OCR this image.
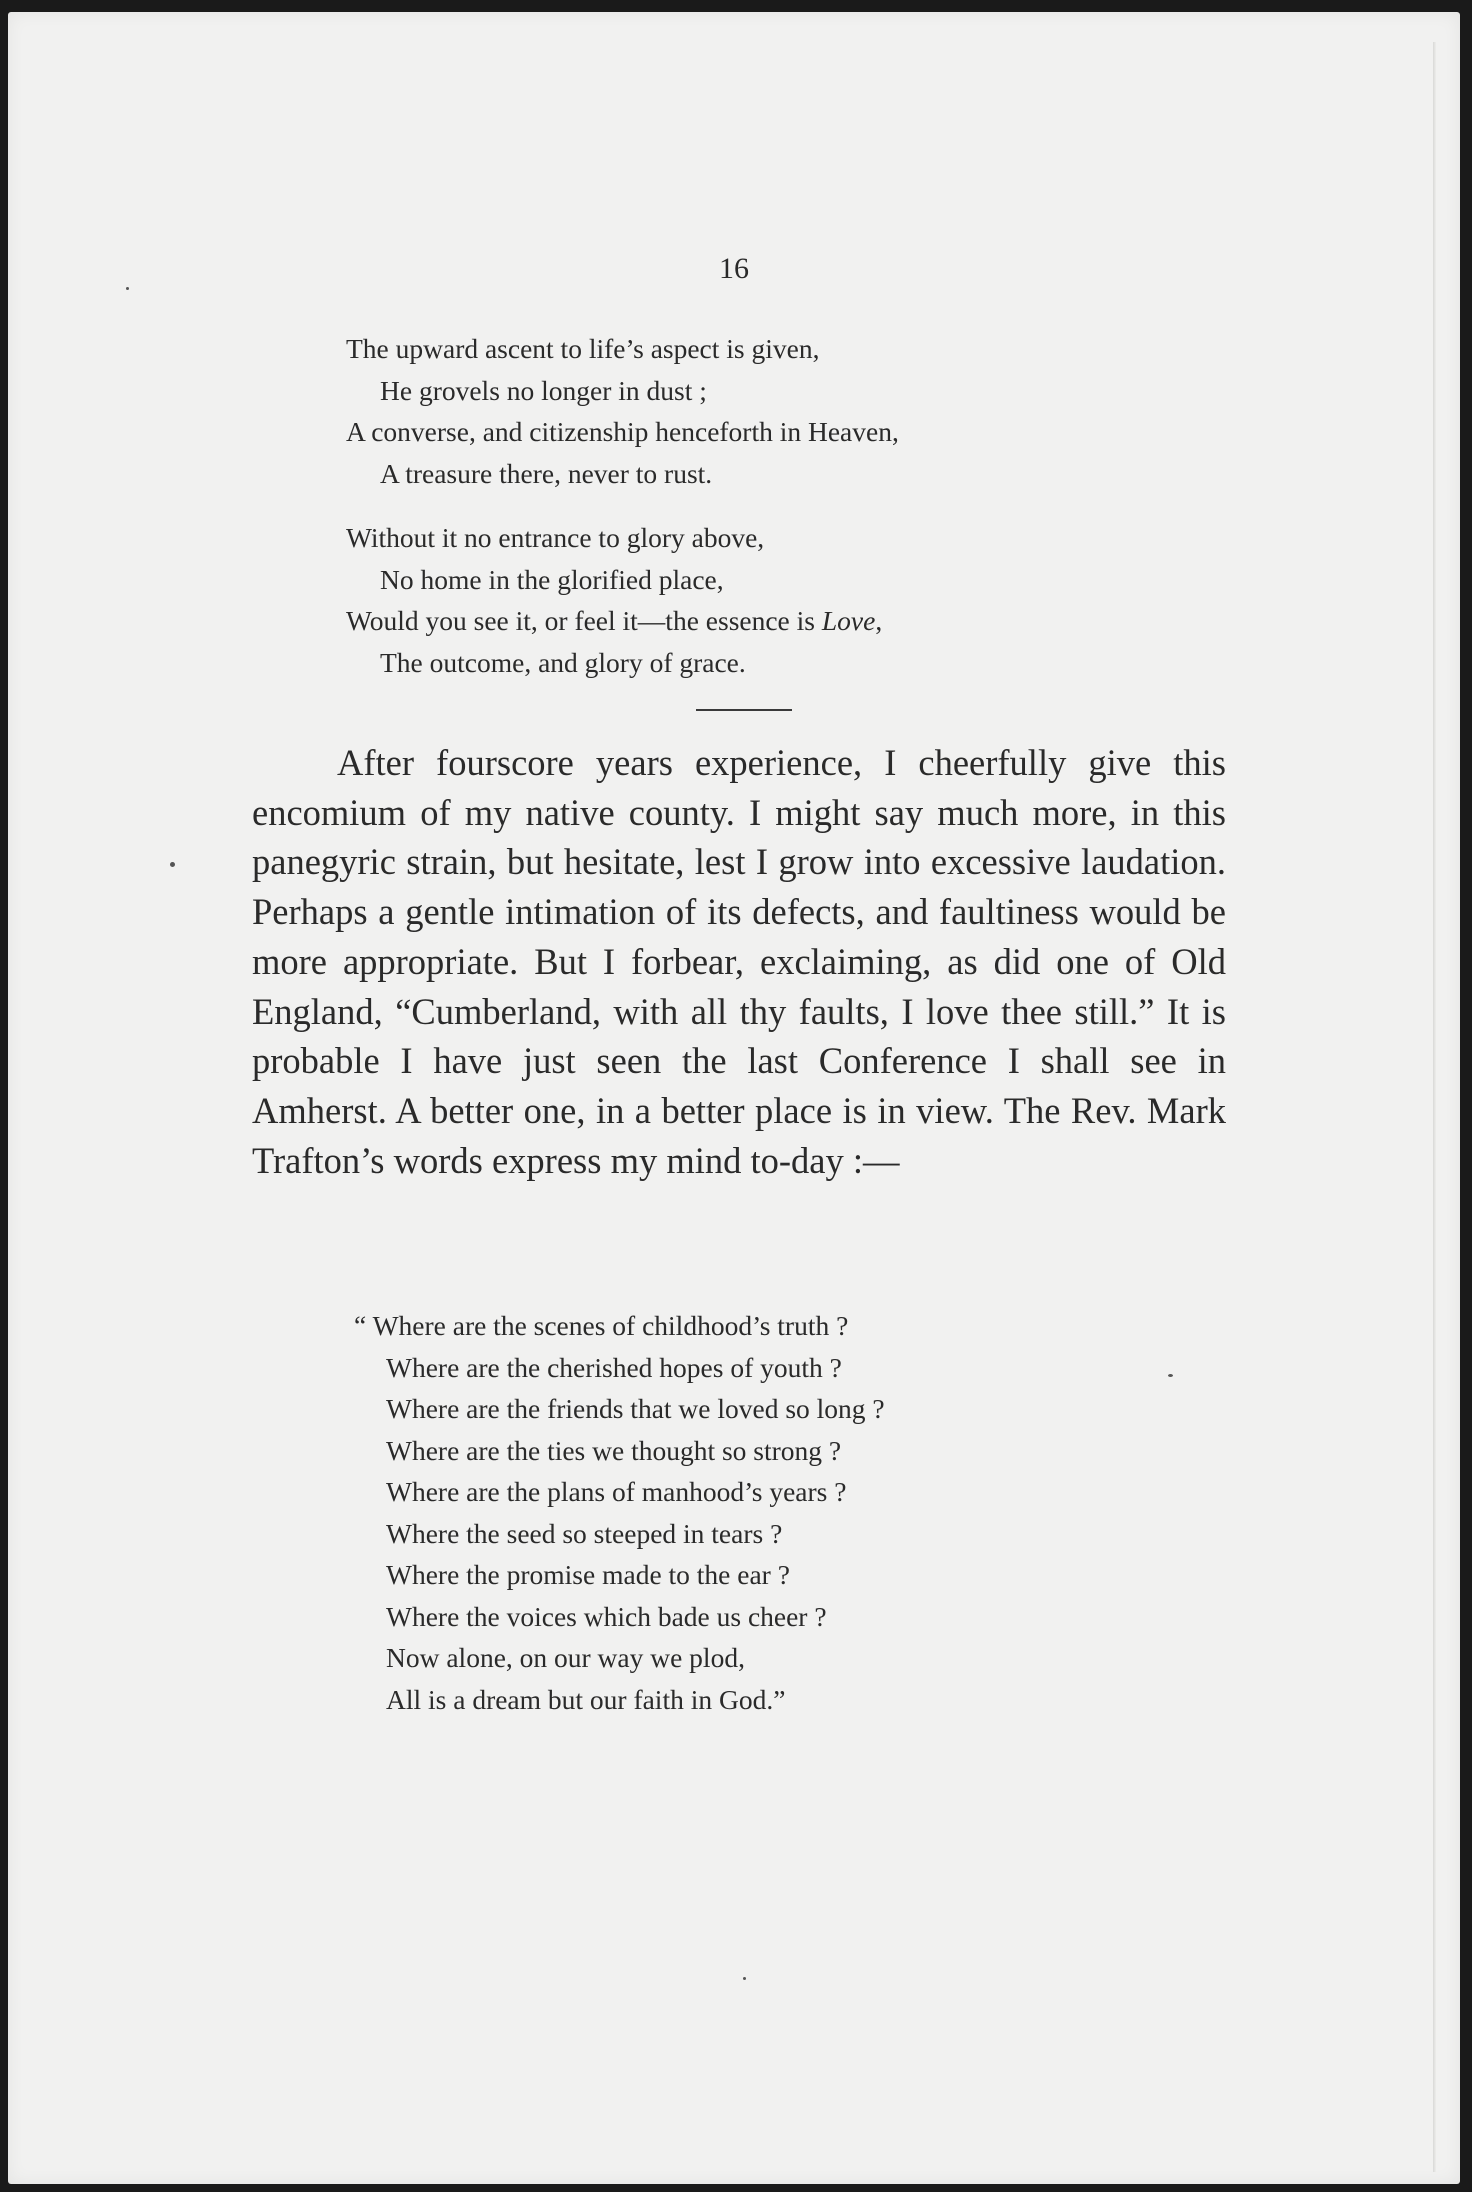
16
The upward ascent to life’s aspect is given,
He grovels no longer in dust ;
A converse, and citizenship henceforth in Heaven,
A treasure there, never to rust.
Without it no entrance to glory above,
No home in the glorified place,
Would you see it, or feel it—the essence is Love,
The outcome, and glory of grace.

After fourscore years experience, I cheerfully give this encomium of my native county. I might say much more, in this panegyric strain, but hesitate, lest I grow into excessive laudation. Perhaps a gentle intimation of its defects, and faultiness would be more appropriate. But I forbear, exclaiming, as did one of Old England, “Cumberland, with all thy faults, I love thee still.” It is probable I have just seen the last Conference I shall see in Amherst. A better one, in a better place is in view. The Rev. Mark Trafton’s words express my mind to-day :—

“ Where are the scenes of childhood’s truth ?
Where are the cherished hopes of youth ?
Where are the friends that we loved so long ?
Where are the ties we thought so strong ?
Where are the plans of manhood’s years ?
Where the seed so steeped in tears ?
Where the promise made to the ear ?
Where the voices which bade us cheer ?
Now alone, on our way we plod,
All is a dream but our faith in God.”
